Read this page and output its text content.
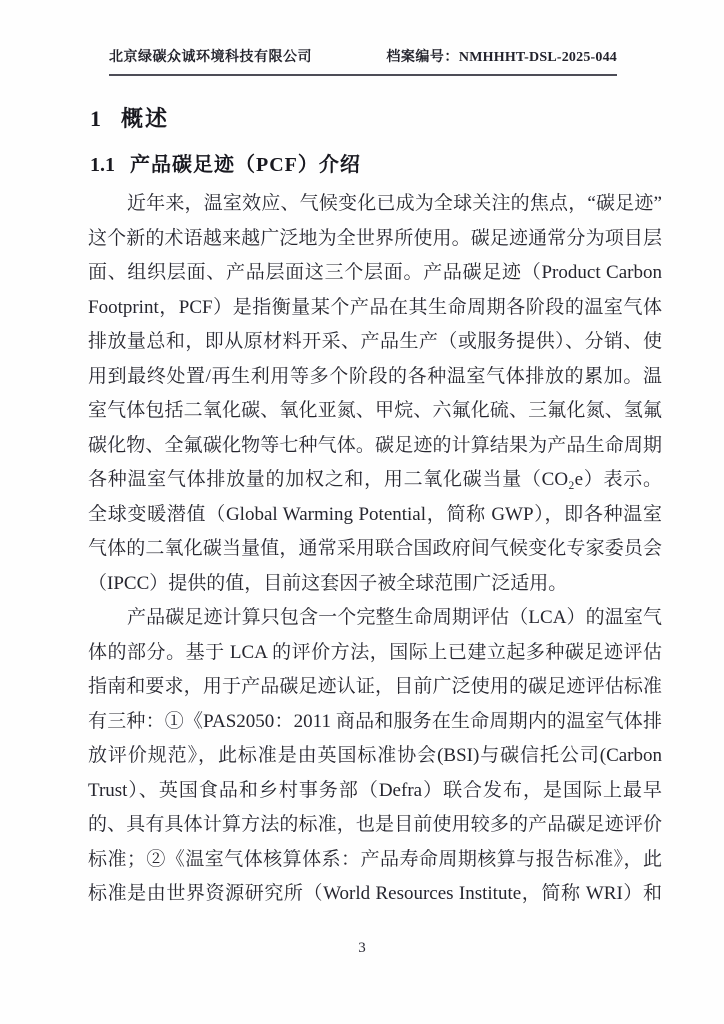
北京绿碳众诚环境科技有限公司	档案编号：NMHHHT-DSL-2025-044
1 概述
1.1 产品碳足迹（PCF）介绍
近年来，温室效应、气候变化已成为全球关注的焦点，“碳足迹”
这个新的术语越来越广泛地为全世界所使用。碳足迹通常分为项目层
面、组织层面、产品层面这三个层面。产品碳足迹（Product Carbon
Footprint，PCF）是指衡量某个产品在其生命周期各阶段的温室气体
排放量总和，即从原材料开采、产品生产（或服务提供）、分销、使
用到最终处置/再生利用等多个阶段的各种温室气体排放的累加。温
室气体包括二氧化碳、氧化亚氮、甲烷、六氟化硫、三氟化氮、氢氟
碳化物、全氟碳化物等七种气体。碳足迹的计算结果为产品生命周期
各种温室气体排放量的加权之和，用二氧化碳当量（CO₂e）表示。
全球变暖潜值（Global Warming Potential，简称 GWP），即各种温室
气体的二氧化碳当量值，通常采用联合国政府间气候变化专家委员会
（IPCC）提供的值，目前这套因子被全球范围广泛适用。
产品碳足迹计算只包含一个完整生命周期评估（LCA）的温室气
体的部分。基于 LCA 的评价方法，国际上已建立起多种碳足迹评估
指南和要求，用于产品碳足迹认证，目前广泛使用的碳足迹评估标准
有三种：①《PAS2050：2011 商品和服务在生命周期内的温室气体排
放评价规范》，此标准是由英国标准协会(BSI)与碳信托公司(Carbon
Trust）、英国食品和乡村事务部（Defra）联合发布，是国际上最早
的、具有具体计算方法的标准，也是目前使用较多的产品碳足迹评价
标准；②《温室气体核算体系：产品寿命周期核算与报告标准》，此
标准是由世界资源研究所（World Resources Institute，简称 WRI）和
3
